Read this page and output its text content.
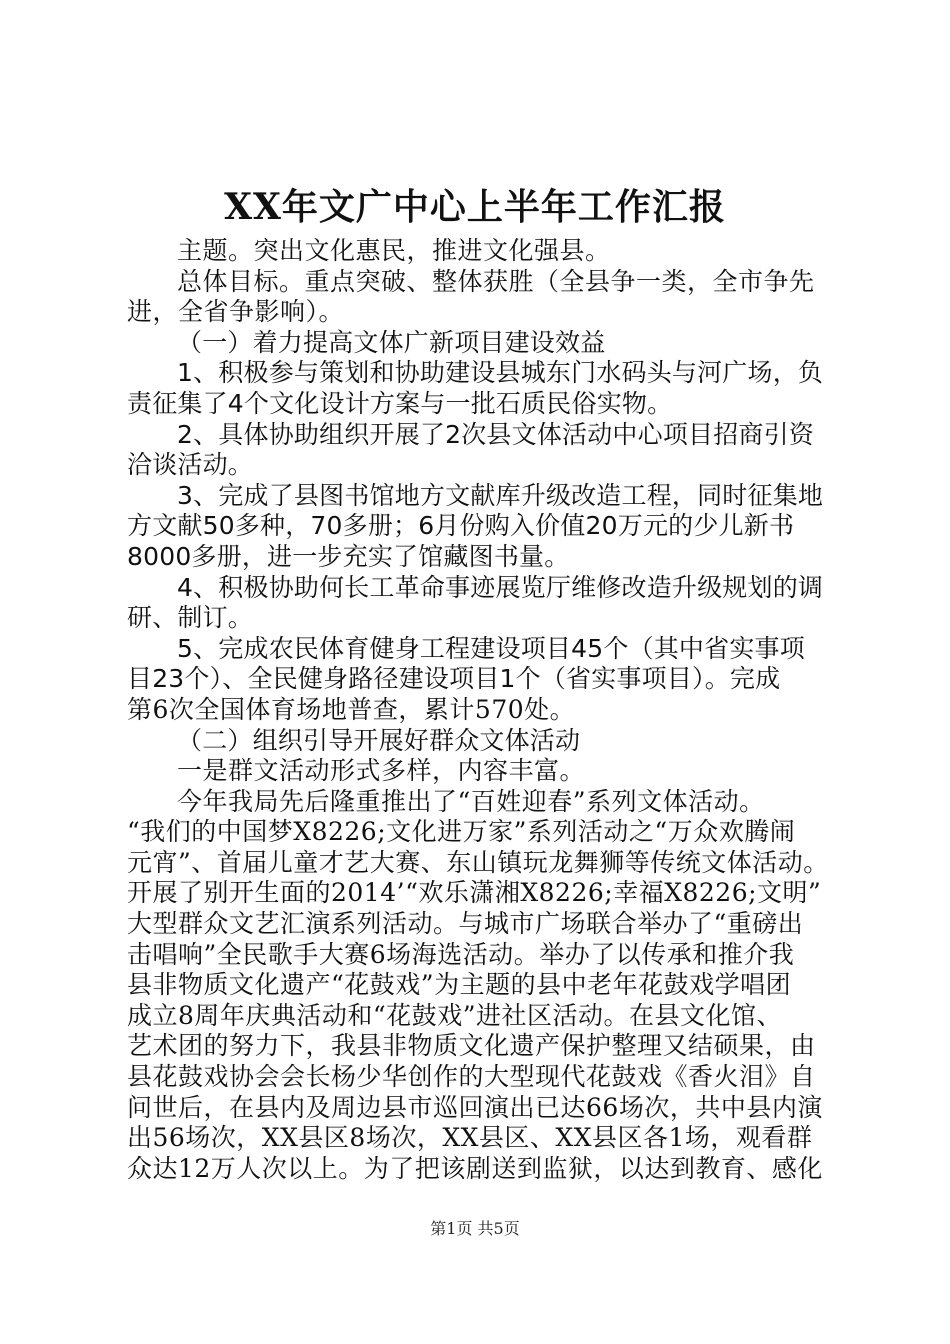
XX年文广中心上半年工作汇报

主题。突出文化惠民，推进文化强县。

总体目标。重点突破、整体获胜（全县争一类，全市争先

进，全省争影响）。

（一）着力提高文体广新项目建设效益

1、积极参与策划和协助建设县城东门水码头与河广场，负

责征集了4个文化设计方案与一批石质民俗实物。

2、具体协助组织开展了2次县文体活动中心项目招商引资

洽谈活动。

3、完成了县图书馆地方文献库升级改造工程，同时征集地

方文献50多种，70多册；6月份购入价值20万元的少儿新书

8000多册，进一步充实了馆藏图书量。

4、积极协助何长工革命事迹展览厅维修改造升级规划的调

研、制订。

5、完成农民体育健身工程建设项目45个（其中省实事项

目23个）、全民健身路径建设项目1个（省实事项目）。完成

第6次全国体育场地普查，累计570处。

（二）组织引导开展好群众文体活动

一是群文活动形式多样，内容丰富。

今年我局先后隆重推出了“百姓迎春”系列文体活动。

“我们的中国梦X8226;文化进万家”系列活动之“万众欢腾闹

元宵”、首届儿童才艺大赛、东山镇玩龙舞狮等传统文体活动。

开展了别开生面的2014’“欢乐潇湘X8226;幸福X8226;文明”

大型群众文艺汇演系列活动。与城市广场联合举办了“重磅出

击唱响”全民歌手大赛6场海选活动。举办了以传承和推介我

县非物质文化遗产“花鼓戏”为主题的县中老年花鼓戏学唱团

成立8周年庆典活动和“花鼓戏”进社区活动。在县文化馆、

艺术团的努力下，我县非物质文化遗产保护整理又结硕果，由

县花鼓戏协会会长杨少华创作的大型现代花鼓戏《香火泪》自

问世后，在县内及周边县市巡回演出已达66场次，共中县内演

出56场次，XX县区8场次，XX县区、XX县区各1场，观看群

众达12万人次以上。为了把该剧送到监狱，以达到教育、感化

第1页 共5页
